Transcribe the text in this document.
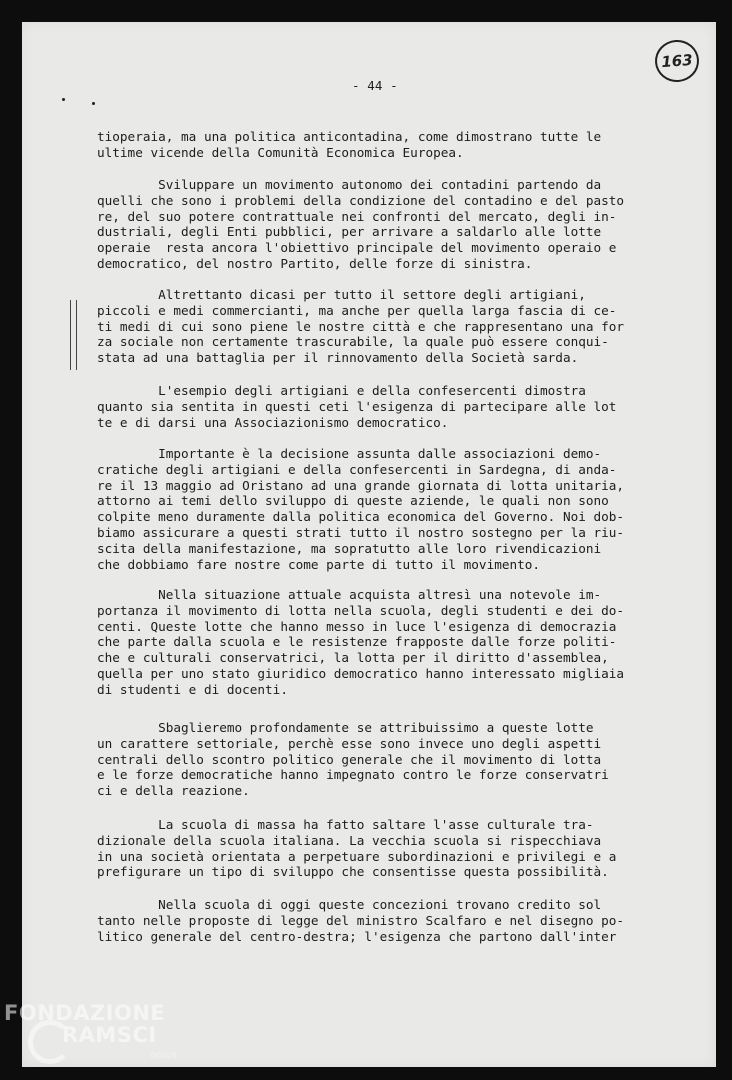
- 44 -
163
tioperaia, ma una politica anticontadina, come dimostrano tutte le
ultime vicende della Comunità Economica Europea.
Sviluppare un movimento autonomo dei contadini partendo da
quelli che sono i problemi della condizione del contadino e del pasto
re, del suo potere contrattuale nei confronti del mercato, degli in-
dustriali, degli Enti pubblici, per arrivare a saldarlo alle lotte
operaie  resta ancora l'obiettivo principale del movimento operaio e
democratico, del nostro Partito, delle forze di sinistra.
Altrettanto dicasi per tutto il settore degli artigiani,
piccoli e medi commercianti, ma anche per quella larga fascia di ce-
ti medi di cui sono piene le nostre città e che rappresentano una for
za sociale non certamente trascurabile, la quale può essere conqui-
stata ad una battaglia per il rinnovamento della Società sarda.
L'esempio degli artigiani e della confesercenti dimostra
quanto sia sentita in questi ceti l'esigenza di partecipare alle lot
te e di darsi una Associazionismo democratico.
Importante è la decisione assunta dalle associazioni demo-
cratiche degli artigiani e della confesercenti in Sardegna, di anda-
re il 13 maggio ad Oristano ad una grande giornata di lotta unitaria,
attorno ai temi dello sviluppo di queste aziende, le quali non sono
colpite meno duramente dalla politica economica del Governo. Noi dob-
biamo assicurare a questi strati tutto il nostro sostegno per la riu-
scita della manifestazione, ma sopratutto alle loro rivendicazioni
che dobbiamo fare nostre come parte di tutto il movimento.
Nella situazione attuale acquista altresì una notevole im-
portanza il movimento di lotta nella scuola, degli studenti e dei do-
centi. Queste lotte che hanno messo in luce l'esigenza di democrazia
che parte dalla scuola e le resistenze frapposte dalle forze politi-
che e culturali conservatrici, la lotta per il diritto d'assemblea,
quella per uno stato giuridico democratico hanno interessato migliaia
di studenti e di docenti.
Sbaglieremo profondamente se attribuissimo a queste lotte
un carattere settoriale, perchè esse sono invece uno degli aspetti
centrali dello scontro politico generale che il movimento di lotta
e le forze democratiche hanno impegnato contro le forze conservatri
ci e della reazione.
La scuola di massa ha fatto saltare l'asse culturale tra-
dizionale della scuola italiana. La vecchia scuola si rispecchiava
in una società orientata a perpetuare subordinazioni e privilegi e a
prefigurare un tipo di sviluppo che consentisse questa possibilità.
Nella scuola di oggi queste concezioni trovano credito sol
tanto nelle proposte di legge del ministro Scalfaro e nel disegno po-
litico generale del centro-destra; l'esigenza che partono dall'inter
FONDAZIONE
RAMSCI
onlus
